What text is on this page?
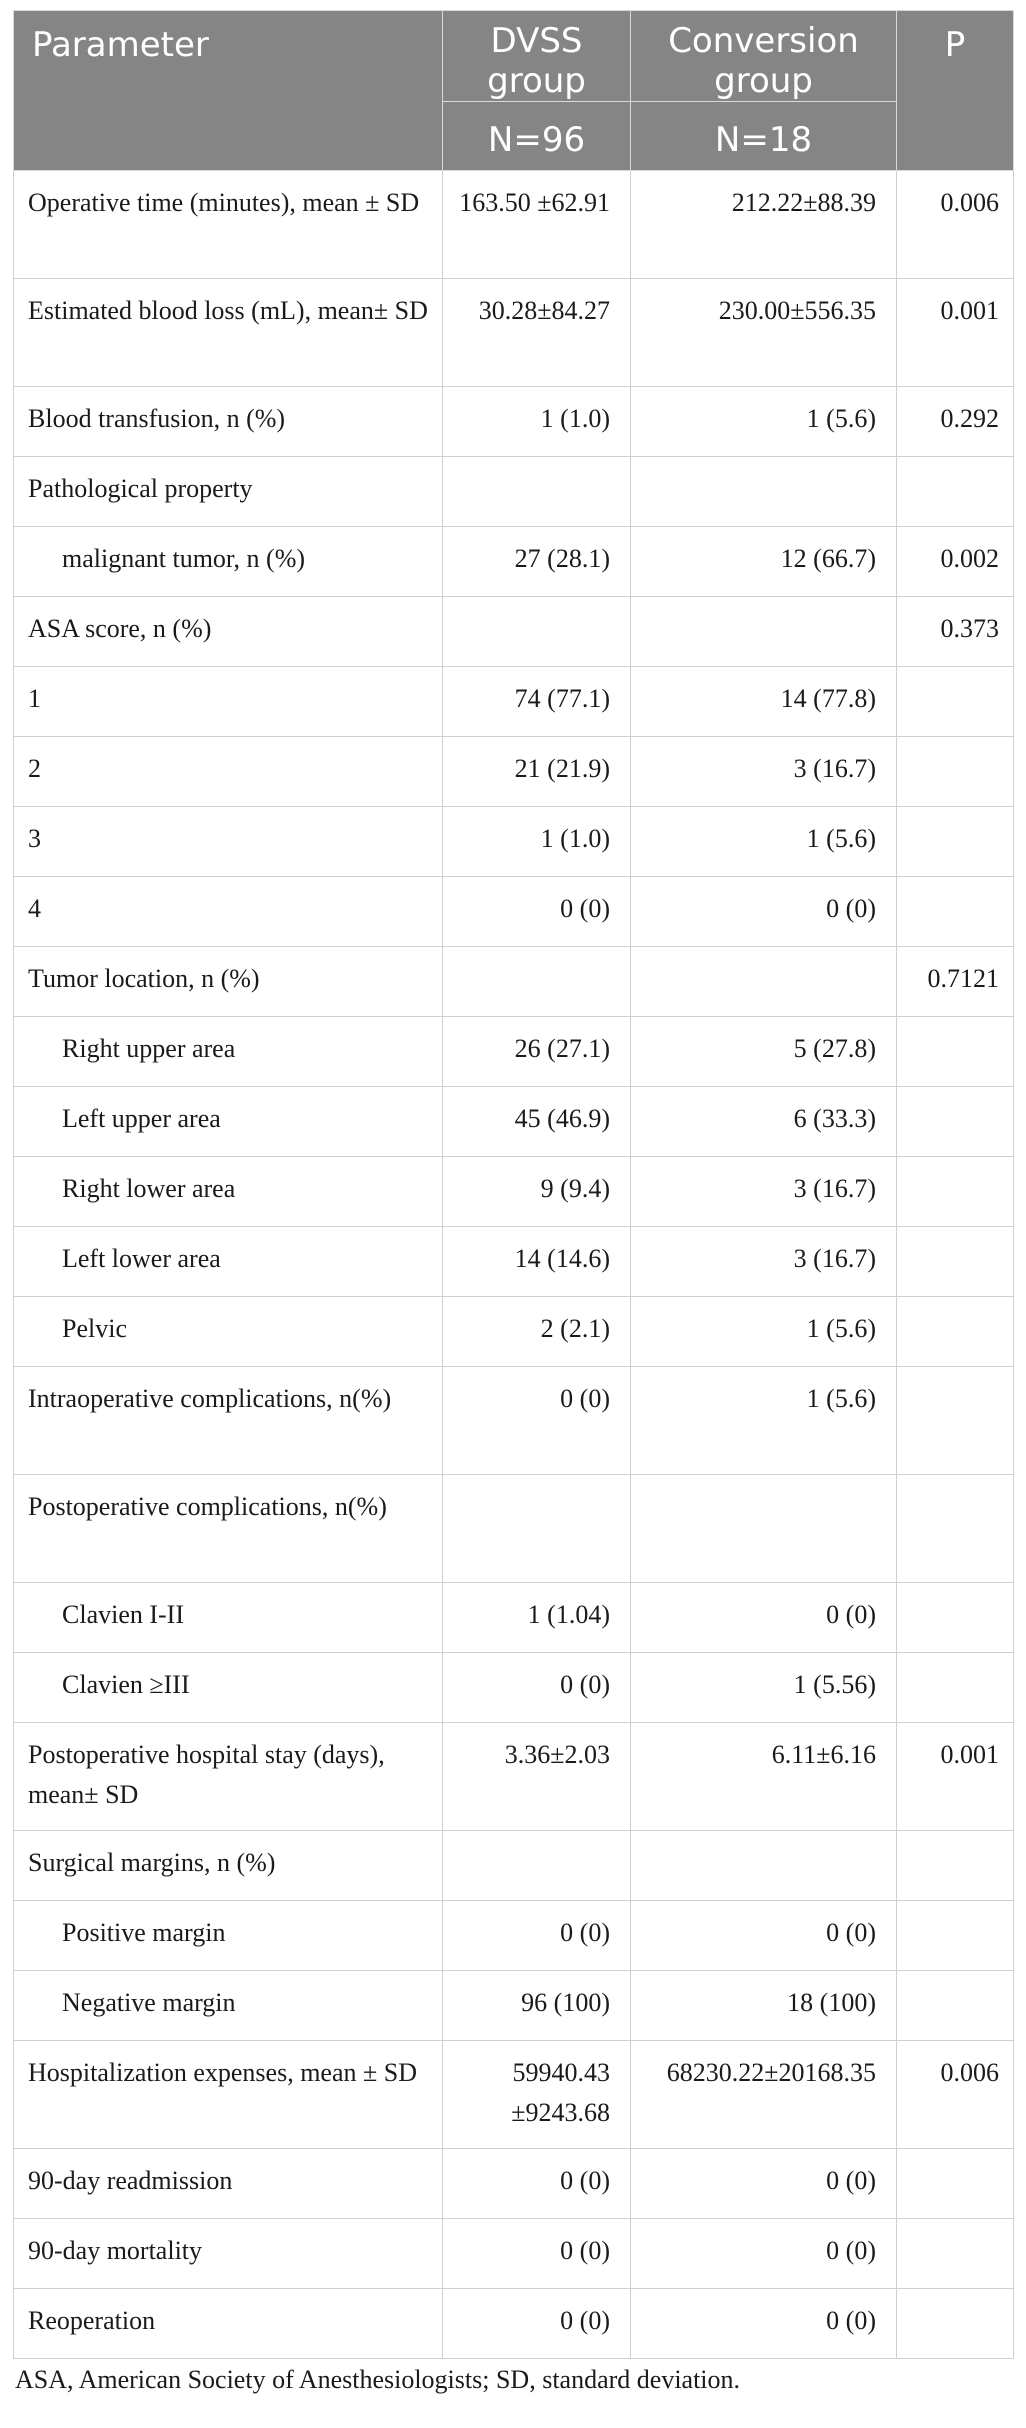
Parameter	DVSS group	Conversion group	P
	N=96	N=18	
Operative time (minutes), mean ± SD	163.50 ±62.91	212.22±88.39	0.006
Estimated blood loss (mL), mean± SD	30.28±84.27	230.00±556.35	0.001
Blood transfusion, n (%)	1 (1.0)	1 (5.6)	0.292
Pathological property			
malignant tumor, n (%)	27 (28.1)	12 (66.7)	0.002
ASA score, n (%)			0.373
1	74 (77.1)	14 (77.8)	
2	21 (21.9)	3 (16.7)	
3	1 (1.0)	1 (5.6)	
4	0 (0)	0 (0)	
Tumor location, n (%)			0.7121
Right upper area	26 (27.1)	5 (27.8)	
Left upper area	45 (46.9)	6 (33.3)	
Right lower area	9 (9.4)	3 (16.7)	
Left lower area	14 (14.6)	3 (16.7)	
Pelvic	2 (2.1)	1 (5.6)	
Intraoperative complications, n(%)	0 (0)	1 (5.6)	
Postoperative complications, n(%)			
Clavien I-II	1 (1.04)	0 (0)	
Clavien ≥III	0 (0)	1 (5.56)	
Postoperative hospital stay (days), mean± SD	3.36±2.03	6.11±6.16	0.001
Surgical margins, n (%)			
Positive margin	0 (0)	0 (0)	
Negative margin	96 (100)	18 (100)	
Hospitalization expenses, mean ± SD	59940.43 ±9243.68	68230.22±20168.35	0.006
90-day readmission	0 (0)	0 (0)	
90-day mortality	0 (0)	0 (0)	
Reoperation	0 (0)	0 (0)	
ASA, American Society of Anesthesiologists; SD, standard deviation.
